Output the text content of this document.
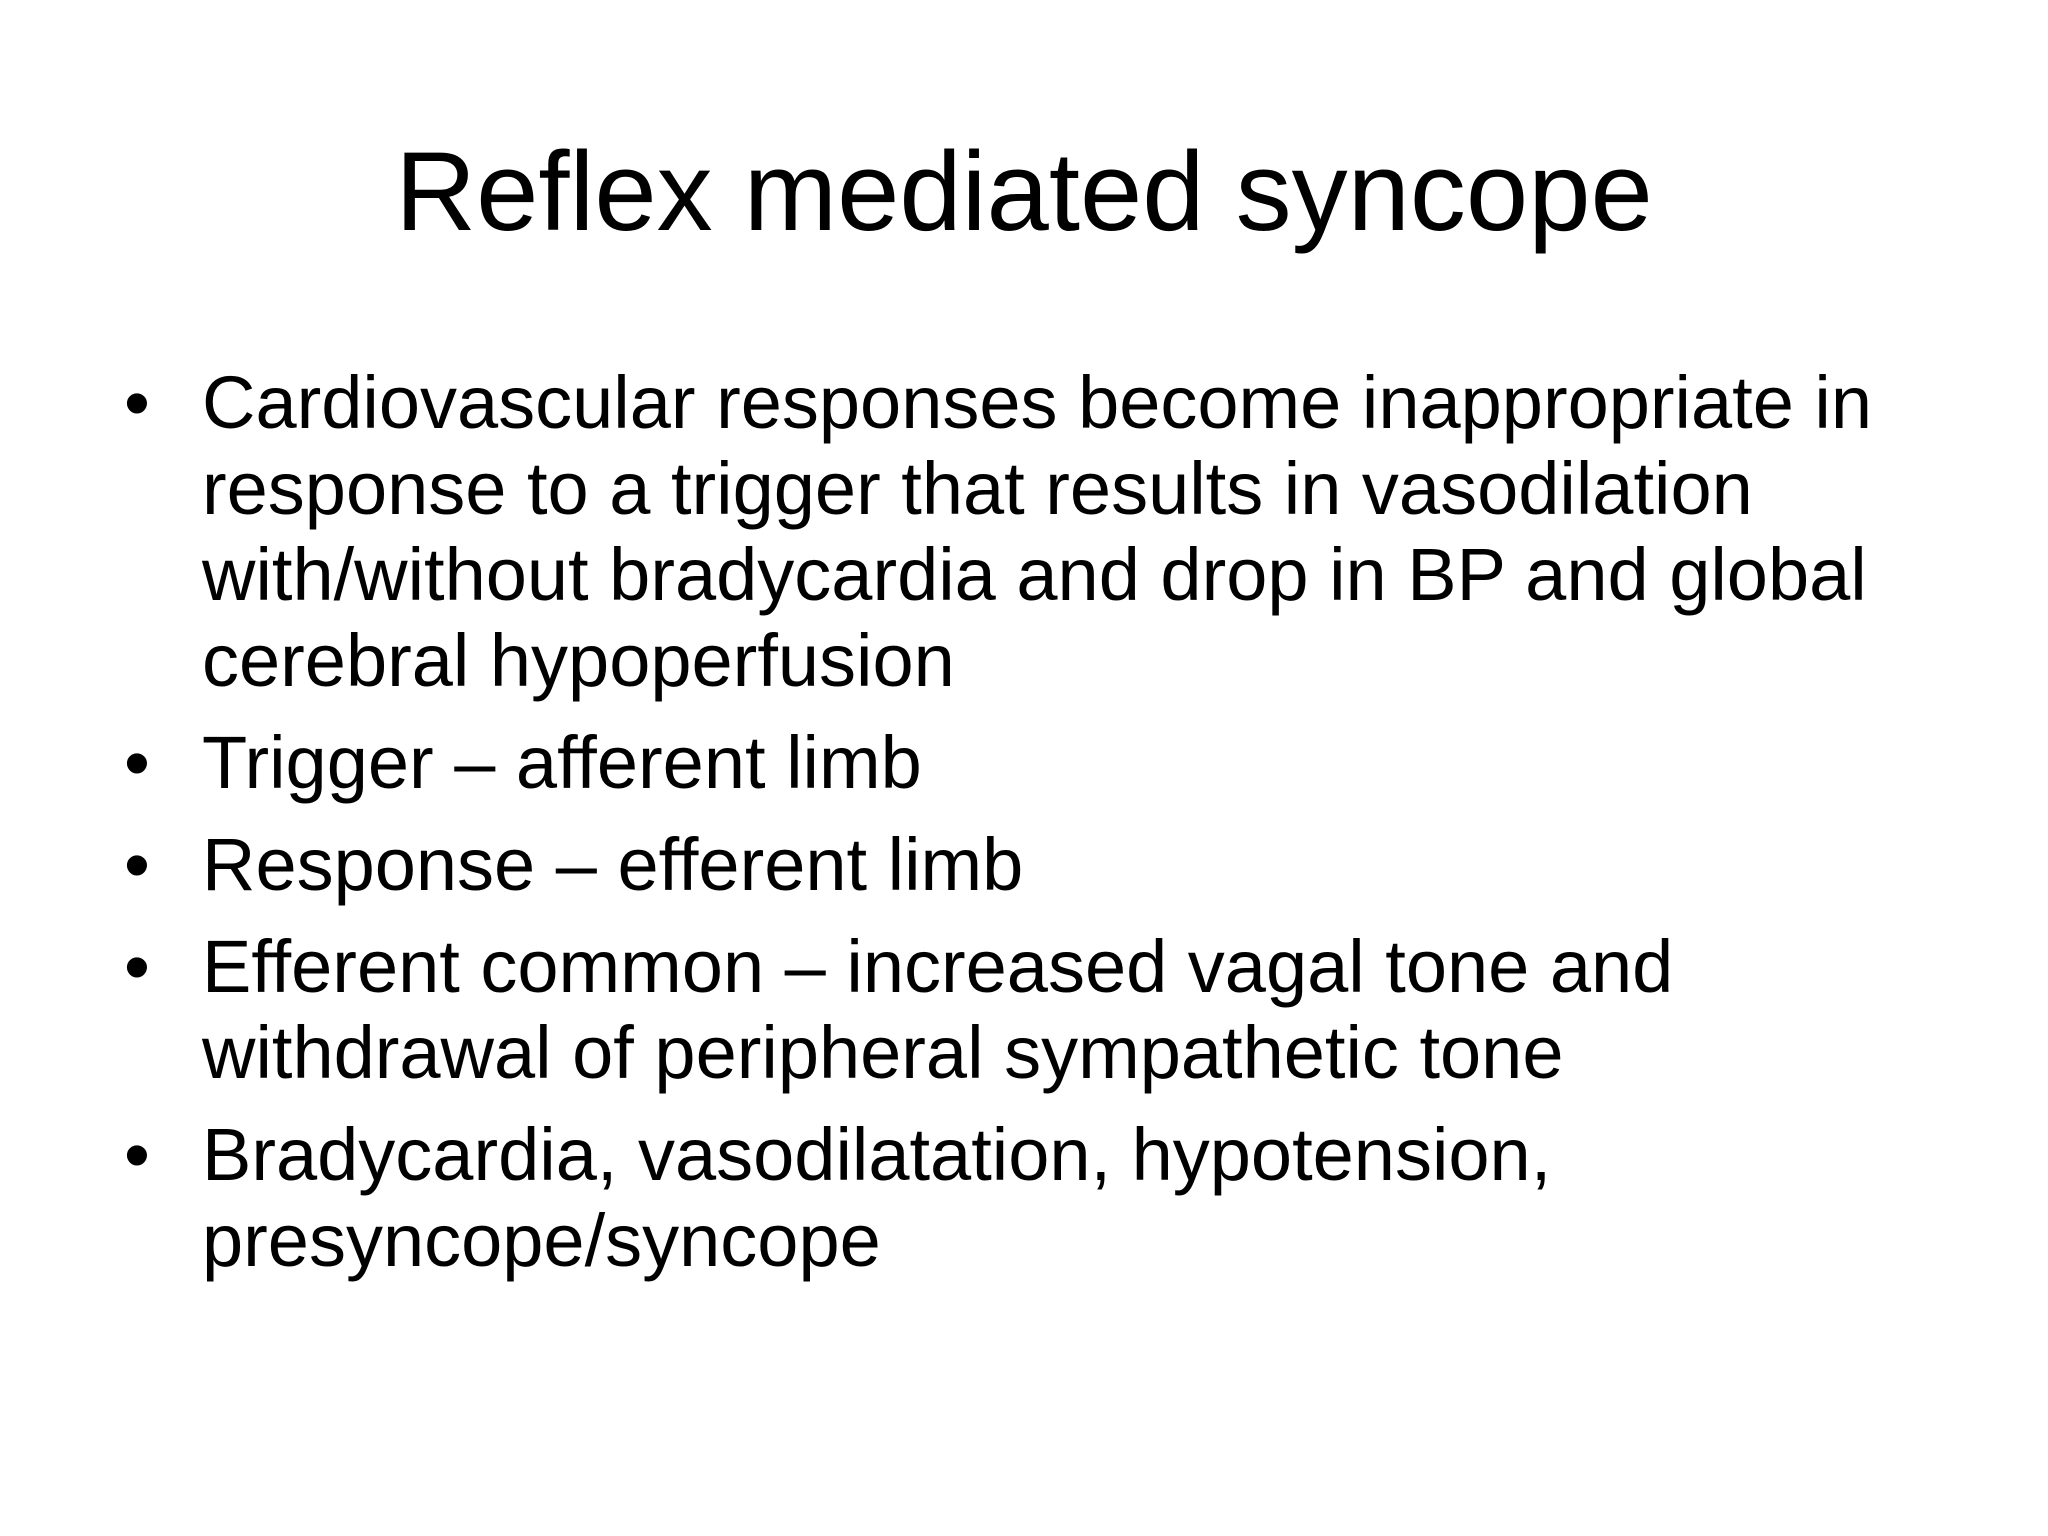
Reflex mediated syncope
• Cardiovascular responses become inappropriate in response to a trigger that results in vasodilation with/without bradycardia and drop in BP and global cerebral hypoperfusion
• Trigger – afferent limb
• Response – efferent limb
• Efferent common – increased vagal tone and withdrawal of peripheral sympathetic tone
• Bradycardia, vasodilatation, hypotension, presyncope/syncope
